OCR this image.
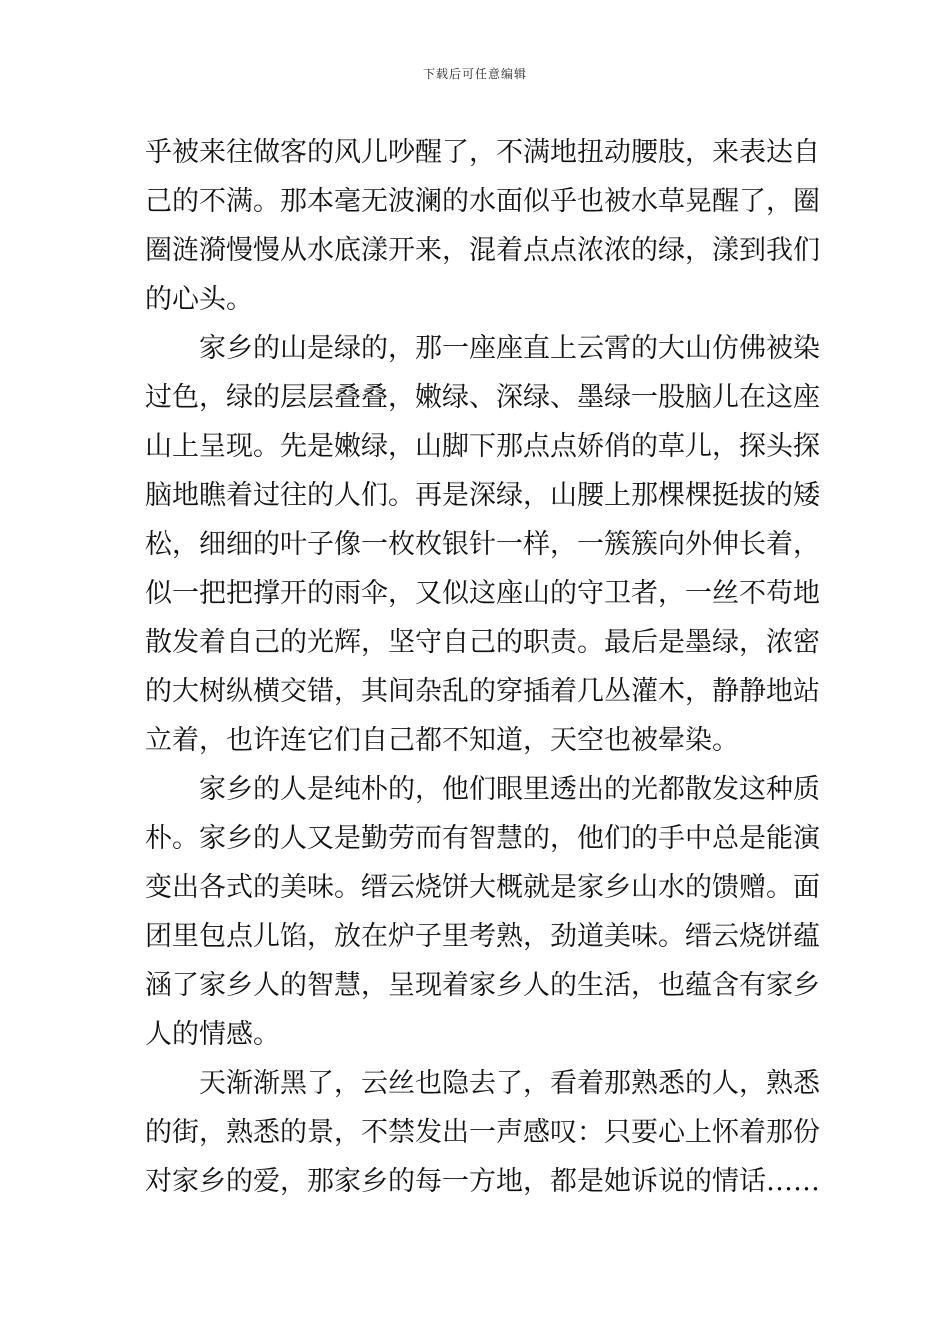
下载后可任意编辑
乎被来往做客的风儿吵醒了，不满地扭动腰肢，来表达自
己的不满。那本毫无波澜的水面似乎也被水草晃醒了，圈
圈涟漪慢慢从水底漾开来，混着点点浓浓的绿，漾到我们
的心头。
　　家乡的山是绿的，那一座座直上云霄的大山仿佛被染
过色，绿的层层叠叠，嫩绿、深绿、墨绿一股脑儿在这座
山上呈现。先是嫩绿，山脚下那点点娇俏的草儿，探头探
脑地瞧着过往的人们。再是深绿，山腰上那棵棵挺拔的矮
松，细细的叶子像一枚枚银针一样，一簇簇向外伸长着，
似一把把撑开的雨伞，又似这座山的守卫者，一丝不苟地
散发着自己的光辉，坚守自己的职责。最后是墨绿，浓密
的大树纵横交错，其间杂乱的穿插着几丛灌木，静静地站
立着，也许连它们自己都不知道，天空也被晕染。
　　家乡的人是纯朴的，他们眼里透出的光都散发这种质
朴。家乡的人又是勤劳而有智慧的，他们的手中总是能演
变出各式的美味。缙云烧饼大概就是家乡山水的馈赠。面
团里包点儿馅，放在炉子里考熟，劲道美味。缙云烧饼蕴
涵了家乡人的智慧，呈现着家乡人的生活，也蕴含有家乡
人的情感。
　　天渐渐黑了，云丝也隐去了，看着那熟悉的人，熟悉
的街，熟悉的景，不禁发出一声感叹：只要心上怀着那份
对家乡的爱，那家乡的每一方地，都是她诉说的情话……
